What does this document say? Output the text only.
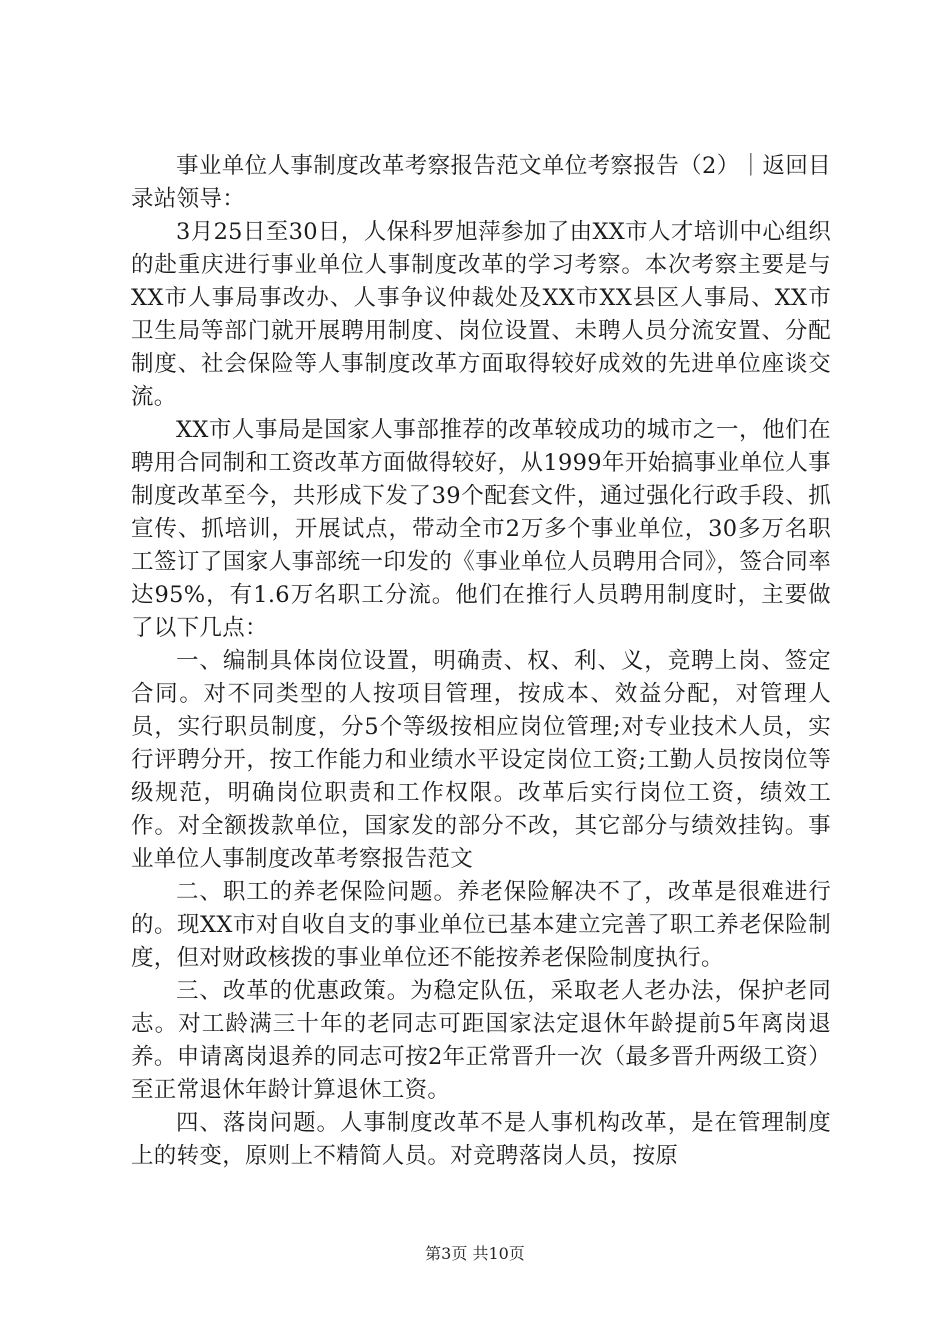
事业单位人事制度改革考察报告范文单位考察报告（2）｜返回目录站领导：

3月25日至30日，人保科罗旭萍参加了由XX市人才培训中心组织的赴重庆进行事业单位人事制度改革的学习考察。本次考察主要是与XX市人事局事改办、人事争议仲裁处及XX市XX县区人事局、XX市卫生局等部门就开展聘用制度、岗位设置、未聘人员分流安置、分配制度、社会保险等人事制度改革方面取得较好成效的先进单位座谈交流。

XX市人事局是国家人事部推荐的改革较成功的城市之一，他们在聘用合同制和工资改革方面做得较好，从1999年开始搞事业单位人事制度改革至今，共形成下发了39个配套文件，通过强化行政手段、抓宣传、抓培训，开展试点，带动全市2万多个事业单位，30多万名职工签订了国家人事部统一印发的《事业单位人员聘用合同》，签合同率达95%，有1.6万名职工分流。他们在推行人员聘用制度时，主要做了以下几点：

一、编制具体岗位设置，明确责、权、利、义，竞聘上岗、签定合同。对不同类型的人按项目管理，按成本、效益分配，对管理人员，实行职员制度，分5个等级按相应岗位管理;对专业技术人员，实行评聘分开，按工作能力和业绩水平设定岗位工资;工勤人员按岗位等级规范，明确岗位职责和工作权限。改革后实行岗位工资，绩效工作。对全额拨款单位，国家发的部分不改，其它部分与绩效挂钩。事业单位人事制度改革考察报告范文

二、职工的养老保险问题。养老保险解决不了，改革是很难进行的。现XX市对自收自支的事业单位已基本建立完善了职工养老保险制度，但对财政核拨的事业单位还不能按养老保险制度执行。

三、改革的优惠政策。为稳定队伍，采取老人老办法，保护老同志。对工龄满三十年的老同志可距国家法定退休年龄提前5年离岗退养。申请离岗退养的同志可按2年正常晋升一次（最多晋升两级工资）至正常退休年龄计算退休工资。

四、落岗问题。人事制度改革不是人事机构改革，是在管理制度上的转变，原则上不精简人员。对竞聘落岗人员，按原

第3页 共10页
